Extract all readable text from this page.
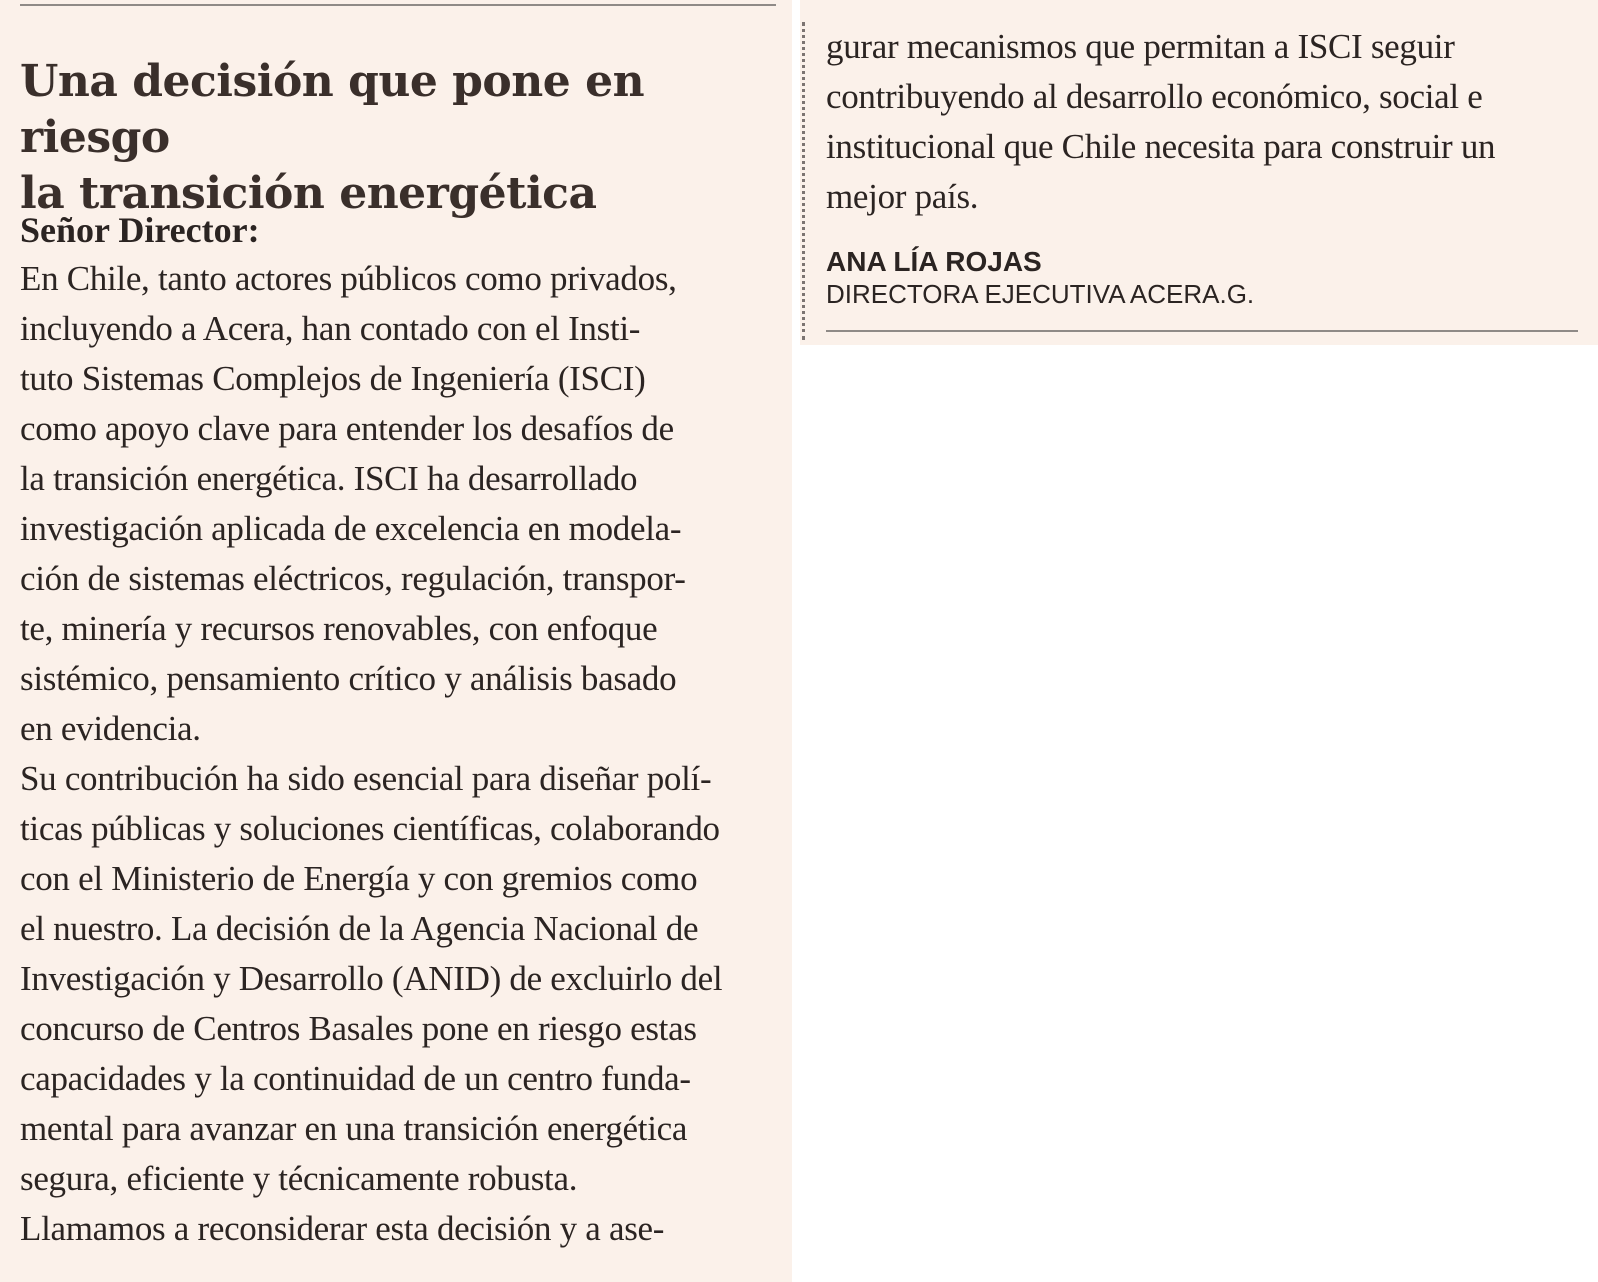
Una decisión que pone en riesgo
la transición energética

Señor Director:

En Chile, tanto actores públicos como privados,
incluyendo a Acera, han contado con el Insti-
tuto Sistemas Complejos de Ingeniería (ISCI)
como apoyo clave para entender los desafíos de
la transición energética. ISCI ha desarrollado
investigación aplicada de excelencia en modela-
ción de sistemas eléctricos, regulación, transpor-
te, minería y recursos renovables, con enfoque
sistémico, pensamiento crítico y análisis basado
en evidencia.
Su contribución ha sido esencial para diseñar polí-
ticas públicas y soluciones científicas, colaborando
con el Ministerio de Energía y con gremios como
el nuestro. La decisión de la Agencia Nacional de
Investigación y Desarrollo (ANID) de excluirlo del
concurso de Centros Basales pone en riesgo estas
capacidades y la continuidad de un centro funda-
mental para avanzar en una transición energética
segura, eficiente y técnicamente robusta.
Llamamos a reconsiderar esta decisión y a ase-
gurar mecanismos que permitan a ISCI seguir
contribuyendo al desarrollo económico, social e
institucional que Chile necesita para construir un
mejor país.

ANA LÍA ROJAS

DIRECTORA EJECUTIVA ACERA.G.
